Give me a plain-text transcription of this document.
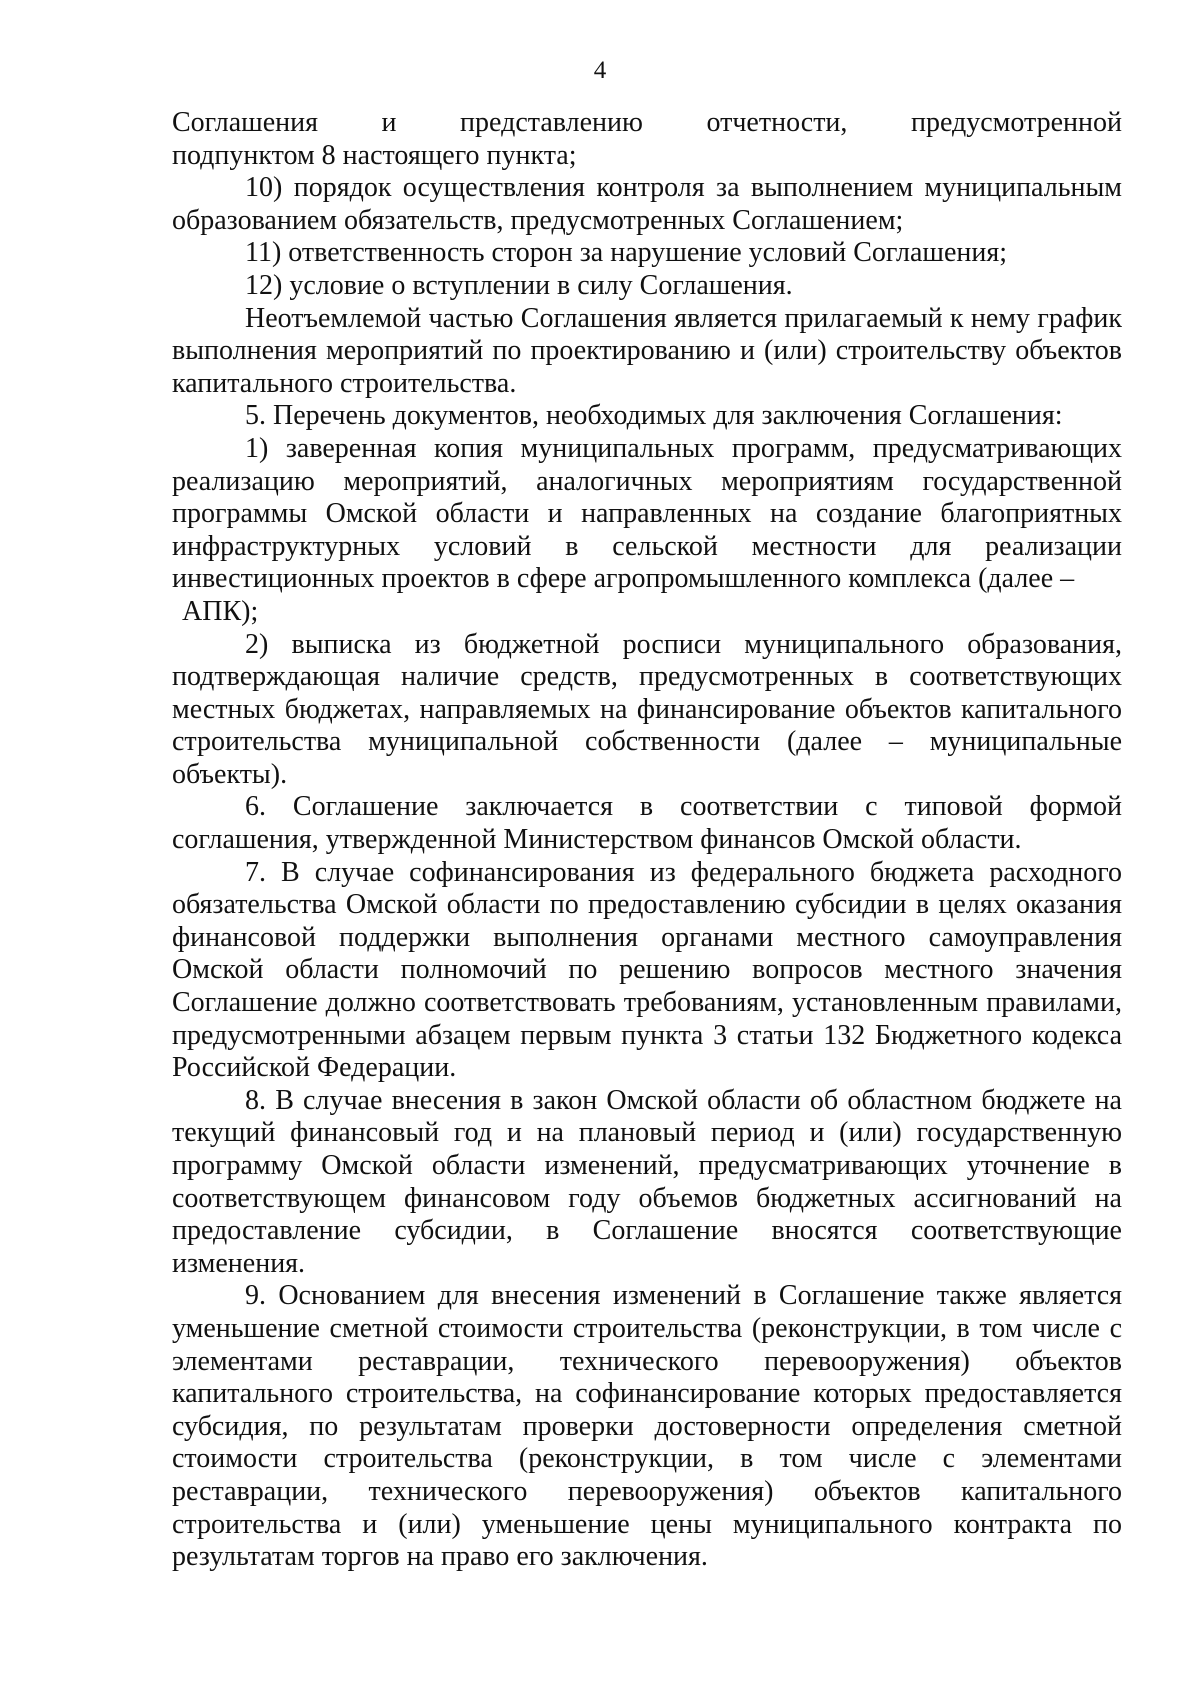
4

Соглашения и представлению отчетности, предусмотренной
подпунктом 8 настоящего пункта;

10) порядок осуществления контроля за выполнением муниципальным образованием обязательств, предусмотренных Соглашением;

11) ответственность сторон за нарушение условий Соглашения;

12) условие о вступлении в силу Соглашения.

Неотъемлемой частью Соглашения является прилагаемый к нему график выполнения мероприятий по проектированию и (или) строительству объектов капитального строительства.

5. Перечень документов, необходимых для заключения Соглашения:

1) заверенная копия муниципальных программ, предусматривающих реализацию мероприятий, аналогичных мероприятиям государственной программы Омской области и направленных на создание благоприятных инфраструктурных условий в сельской местности для реализации инвестиционных проектов в сфере агропромышленного комплекса (далее –

АПК);

2) выписка из бюджетной росписи муниципального образования, подтверждающая наличие средств, предусмотренных в соответствующих местных бюджетах, направляемых на финансирование объектов капитального строительства муниципальной собственности (далее – муниципальные объекты).

6. Соглашение заключается в соответствии с типовой формой соглашения, утвержденной Министерством финансов Омской области.

7. В случае софинансирования из федерального бюджета расходного обязательства Омской области по предоставлению субсидии в целях оказания финансовой поддержки выполнения органами местного самоуправления Омской области полномочий по решению вопросов местного значения Соглашение должно соответствовать требованиям, установленным правилами, предусмотренными абзацем первым пункта 3 статьи 132 Бюджетного кодекса Российской Федерации.

8. В случае внесения в закон Омской области об областном бюджете на текущий финансовый год и на плановый период и (или) государственную программу Омской области изменений, предусматривающих уточнение в соответствующем финансовом году объемов бюджетных ассигнований на предоставление субсидии, в Соглашение вносятся соответствующие изменения.

9. Основанием для внесения изменений в Соглашение также является уменьшение сметной стоимости строительства (реконструкции, в том числе с элементами реставрации, технического перевооружения) объектов капитального строительства, на софинансирование которых предоставляется субсидия, по результатам проверки достоверности определения сметной стоимости строительства (реконструкции, в том числе с элементами реставрации, технического перевооружения) объектов капитального строительства и (или) уменьшение цены муниципального контракта по результатам торгов на право его заключения.
